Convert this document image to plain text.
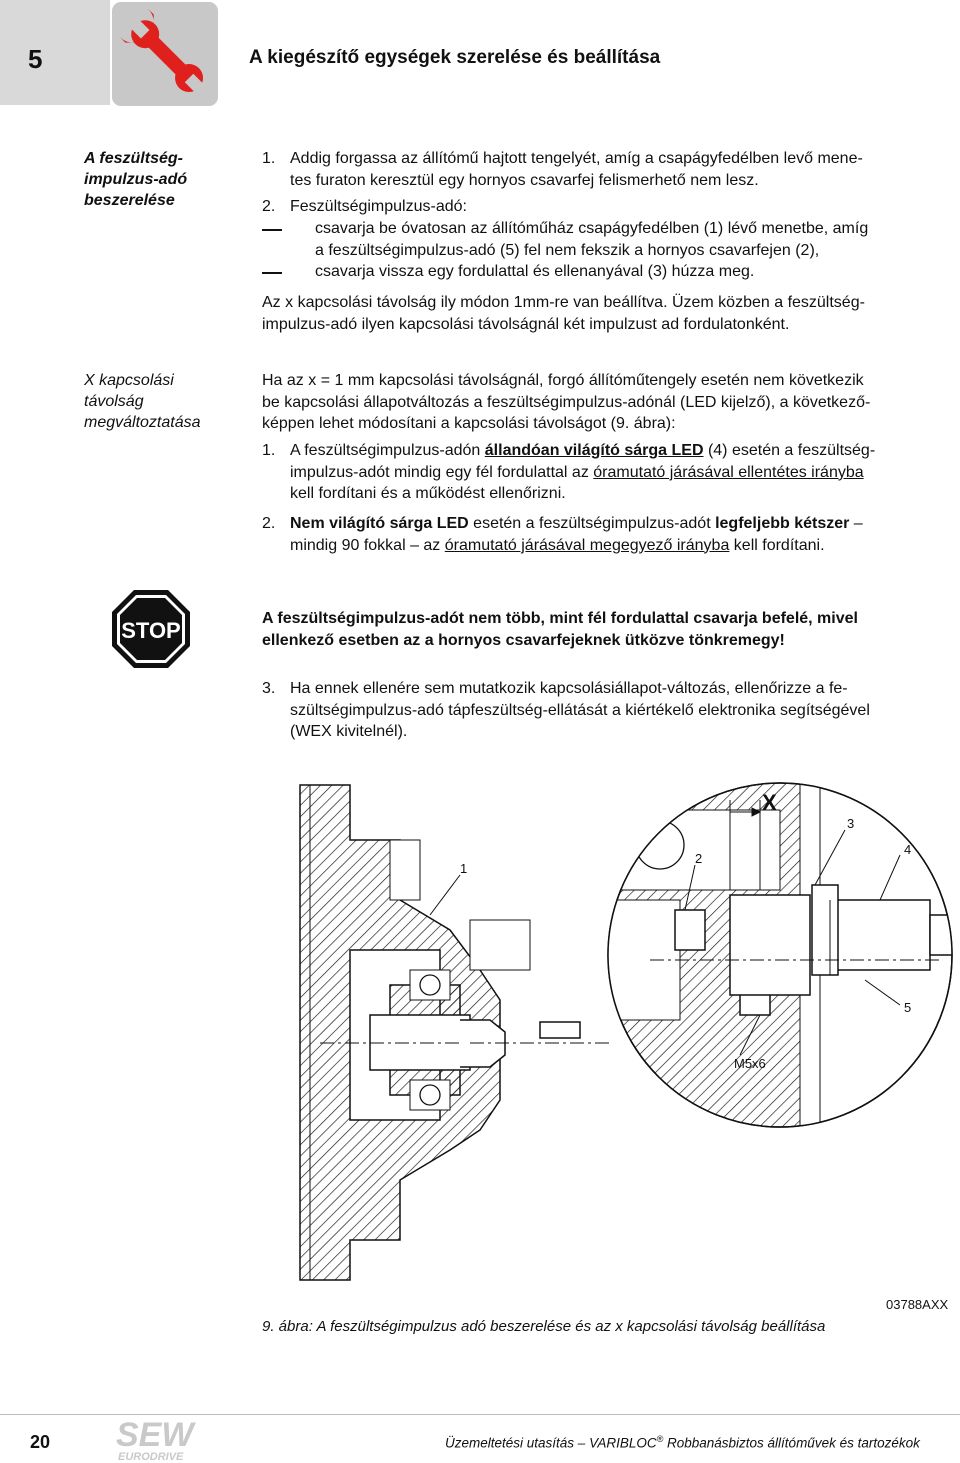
5	A kiegészítő egységek szerelése és beállítása
A feszültség-
impulzus-adó
beszerelése
1. Addig forgassa az állítómű hajtott tengelyét, amíg a csapágyfedélben levő mene-
tes furaton keresztül egy hornyos csavarfej felismerhető nem lesz.
2. Feszültségimpulzus-adó:
csavarja be óvatosan az állítóműház csapágyfedélben (1) lévő menetbe, amíg
a feszültségimpulzus-adó (5) fel nem fekszik a hornyos csavarfejen (2),
csavarja vissza egy fordulattal és ellenanyával (3) húzza meg.
Az x kapcsolási távolság ily módon 1mm-re van beállítva. Üzem közben a feszültség-
impulzus-adó ilyen kapcsolási távolságnál két impulzust ad fordulatonként.
X kapcsolási
távolság
megváltoztatása
Ha az x = 1 mm kapcsolási távolságnál, forgó állítóműtengely esetén nem következik
be kapcsolási állapotváltozás a feszültségimpulzus-adónál (LED kijelző), a következő-
képpen lehet módosítani a kapcsolási távolságot (9. ábra):
1. A feszültségimpulzus-adón állandóan világító sárga LED (4) esetén a feszültség-
impulzus-adót mindig egy fél fordulattal az óramutató járásával ellentétes irányba
kell fordítani és a működést ellenőrizni.
2. Nem világító sárga LED esetén a feszültségimpulzus-adót legfeljebb kétszer –
mindig 90 fokkal – az óramutató járásával megegyező irányba kell fordítani.
STOP	A feszültségimpulzus-adót nem több, mint fél fordulattal csavarja befelé, mivel
ellenkező esetben az a hornyos csavarfejeknek ütközve tönkremegy!
3. Ha ennek ellenére sem mutatkozik kapcsolásiállapot-változás, ellenőrizze a fe-
szültségimpulzus-adó tápfeszültség-ellátását a kiértékelő elektronika segítségével
(WEX kivitelnél).
X
1
2
3
4
5
M5x6
03788AXX
9. ábra: A feszültségimpulzus adó beszerelése és az x kapcsolási távolság beállítása
20 SEW
EURODRIVE
Üzemeltetési utasítás – VARIBLOC® Robbanásbiztos állítóművek és tartozékok
